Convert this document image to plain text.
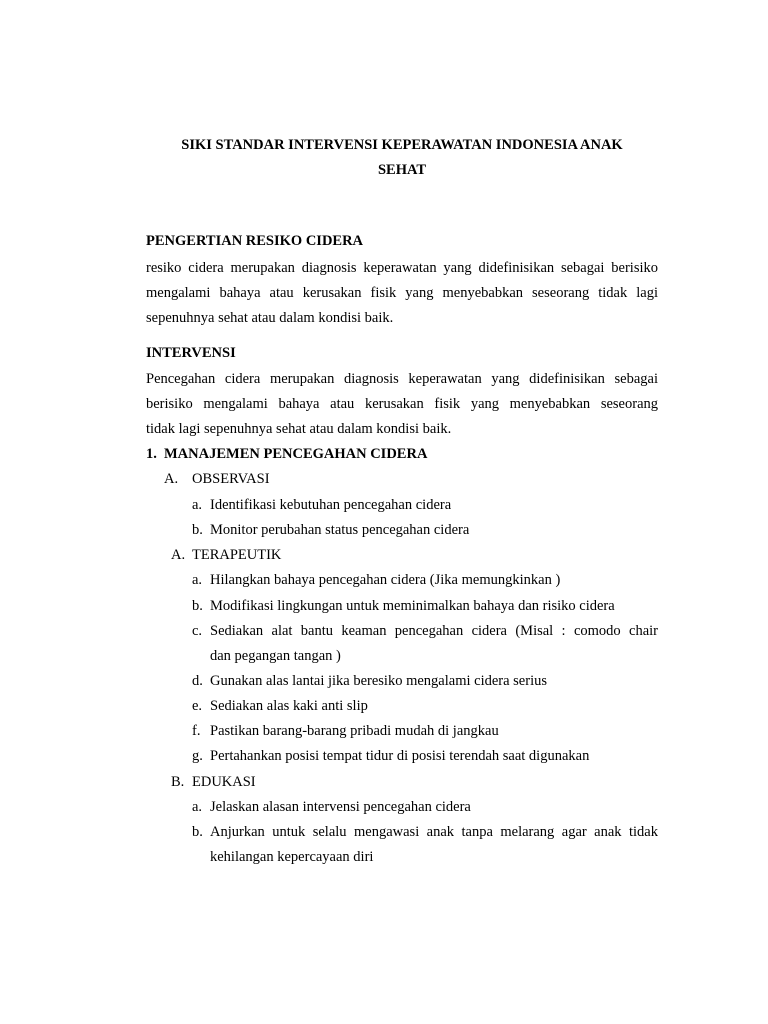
SIKI STANDAR INTERVENSI KEPERAWATAN INDONESIA ANAK
SEHAT
PENGERTIAN RESIKO CIDERA
resiko cidera merupakan diagnosis keperawatan yang didefinisikan sebagai berisiko
mengalami bahaya atau kerusakan fisik yang menyebabkan seseorang tidak lagi
sepenuhnya sehat atau dalam kondisi baik.
INTERVENSI
Pencegahan cidera merupakan diagnosis keperawatan yang didefinisikan sebagai
berisiko mengalami bahaya atau kerusakan fisik yang menyebabkan seseorang
tidak lagi sepenuhnya sehat atau dalam kondisi baik.
1. MANAJEMEN PENCEGAHAN CIDERA
A. OBSERVASI
a. Identifikasi kebutuhan pencegahan cidera
b. Monitor perubahan status pencegahan cidera
A. TERAPEUTIK
a. Hilangkan bahaya pencegahan cidera (Jika memungkinkan )
b. Modifikasi lingkungan untuk meminimalkan bahaya dan risiko cidera
c. Sediakan alat bantu keaman pencegahan cidera (Misal : comodo chair
dan pegangan tangan )
d. Gunakan alas lantai jika beresiko mengalami cidera serius
e. Sediakan alas kaki anti slip
f. Pastikan barang-barang pribadi mudah di jangkau
g. Pertahankan posisi tempat tidur di posisi terendah saat digunakan
B. EDUKASI
a. Jelaskan alasan intervensi pencegahan cidera
b. Anjurkan untuk selalu mengawasi anak tanpa melarang agar anak tidak
kehilangan kepercayaan diri
